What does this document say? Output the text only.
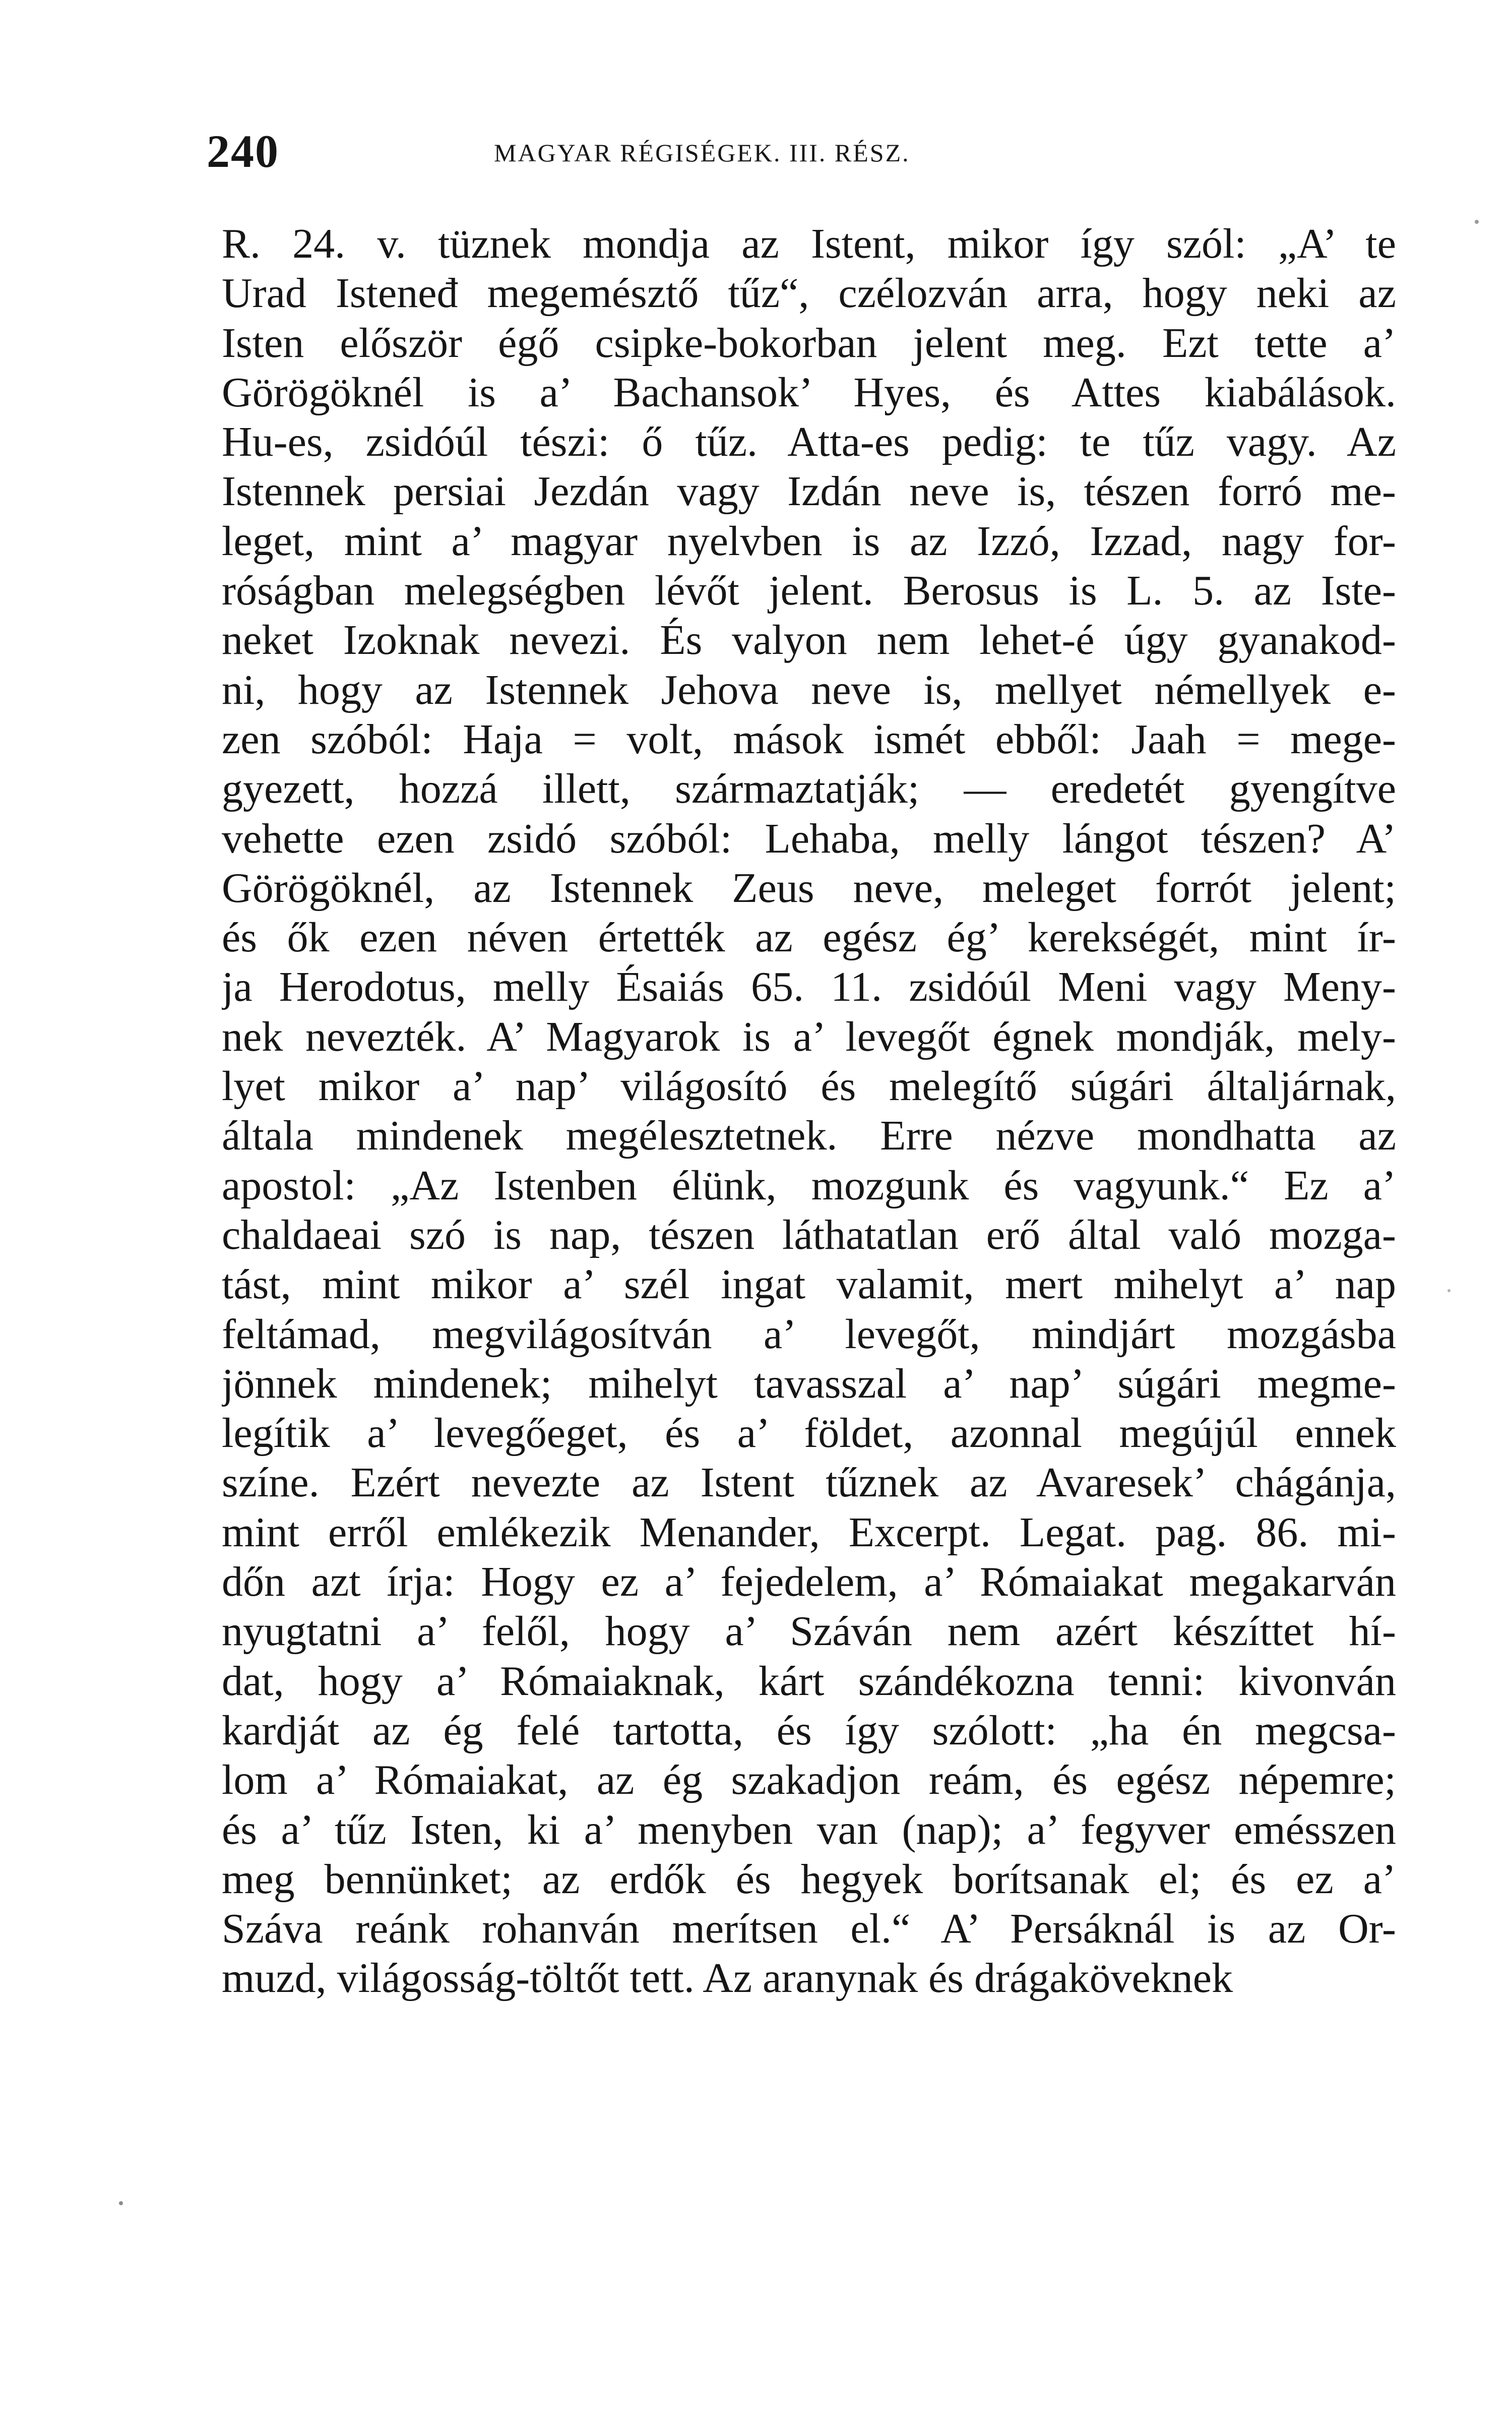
240	MAGYAR RÉGISÉGEK. III. RÉSZ.
R. 24. v. tüznek mondja az Istent, mikor így szól: „A’ te
Urad Isteneđ megemésztő tűz“, czélozván arra, hogy neki az
Isten először égő csipke-bokorban jelent meg. Ezt tette a’
Görögöknél is a’ Bachansok’ Hyes, és Attes kiabálások.
Hu-es, zsidóúl tészi: ő tűz. Atta-es pedig: te tűz vagy. Az
Istennek persiai Jezdán vagy Izdán neve is, tészen forró me-
leget, mint a’ magyar nyelvben is az Izzó, Izzad, nagy for-
róságban melegségben lévőt jelent. Berosus is L. 5. az Iste-
neket Izoknak nevezi. És valyon nem lehet-é úgy gyanakod-
ni, hogy az Istennek Jehova neve is, mellyet némellyek e-
zen szóból: Haja = volt, mások ismét ebből: Jaah = mege-
gyezett, hozzá illett, származtatják; — eredetét gyengítve
vehette ezen zsidó szóból: Lehaba, melly lángot tészen? A’
Görögöknél, az Istennek Zeus neve, meleget forrót jelent;
és ők ezen néven értették az egész ég’ kerekségét, mint ír-
ja Herodotus, melly Ésaiás 65. 11. zsidóúl Meni vagy Meny-
nek nevezték. A’ Magyarok is a’ levegőt égnek mondják, mely-
lyet mikor a’ nap’ világosító és melegítő súgári általjárnak,
általa mindenek megélesztetnek. Erre nézve mondhatta az
apostol: „Az Istenben élünk, mozgunk és vagyunk.“ Ez a’
chaldaeai szó is nap, tészen láthatatlan erő által való mozga-
tást, mint mikor a’ szél ingat valamit, mert mihelyt a’ nap
feltámad, megvilágosítván a’ levegőt, mindjárt mozgásba
jönnek mindenek; mihelyt tavasszal a’ nap’ súgári megme-
legítik a’ levegőeget, és a’ földet, azonnal megújúl ennek
színe. Ezért nevezte az Istent tűznek az Avaresek’ chágánja,
mint erről emlékezik Menander, Excerpt. Legat. pag. 86. mi-
dőn azt írja: Hogy ez a’ fejedelem, a’ Rómaiakat megakarván
nyugtatni a’ felől, hogy a’ Száván nem azért készíttet hí-
dat, hogy a’ Rómaiaknak, kárt szándékozna tenni: kivonván
kardját az ég felé tartotta, és így szólott: „ha én megcsa-
lom a’ Rómaiakat, az ég szakadjon reám, és egész népemre;
és a’ tűz Isten, ki a’ menyben van (nap); a’ fegyver emésszen
meg bennünket; az erdők és hegyek borítsanak el; és ez a’
Száva reánk rohanván merítsen el.“ A’ Persáknál is az Or-
muzd, világosság-töltőt tett. Az aranynak és drágaköveknek
